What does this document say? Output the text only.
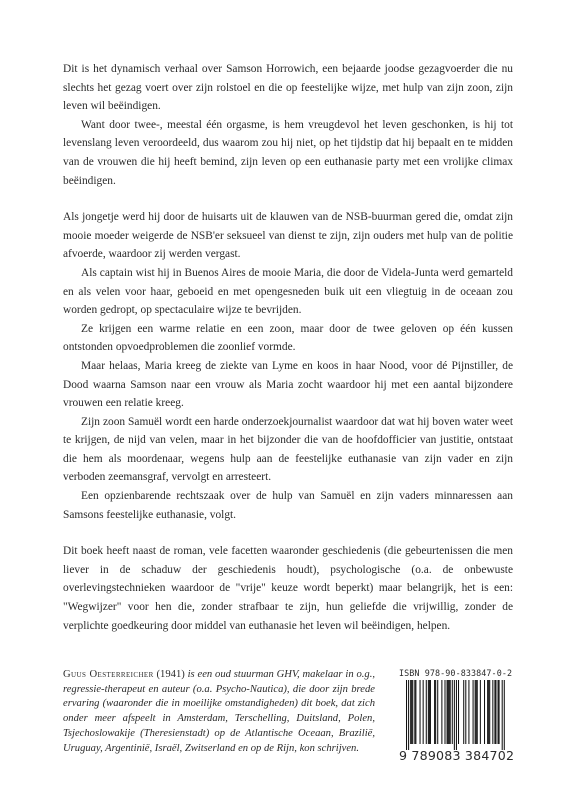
Dit is het dynamisch verhaal over Samson Horrowich, een bejaarde joodse gezagvoerder die nu slechts het gezag voert over zijn rolstoel en die op feestelijke wijze, met hulp van zijn zoon, zijn leven wil beëindigen.

Want door twee-, meestal één orgasme, is hem vreugdevol het leven geschonken, is hij tot levenslang leven veroordeeld, dus waarom zou hij niet, op het tijdstip dat hij bepaalt en te midden van de vrouwen die hij heeft bemind, zijn leven op een euthanasie party met een vrolijke climax beëindigen.

Als jongetje werd hij door de huisarts uit de klauwen van de NSB-buurman gered die, omdat zijn mooie moeder weigerde de NSB'er seksueel van dienst te zijn, zijn ouders met hulp van de politie afvoerde, waardoor zij werden vergast.

Als captain wist hij in Buenos Aires de mooie Maria, die door de Videla-Junta werd gemarteld en als velen voor haar, geboeid en met opengesneden buik uit een vliegtuig in de oceaan zou worden gedropt, op spectaculaire wijze te bevrijden.

Ze krijgen een warme relatie en een zoon, maar door de twee geloven op één kussen ontstonden opvoedproblemen die zoonlief vormde.

Maar helaas, Maria kreeg de ziekte van Lyme en koos in haar Nood, voor dé Pijnstiller, de Dood waarna Samson naar een vrouw als Maria zocht waardoor hij met een aantal bijzondere vrouwen een relatie kreeg.

Zijn zoon Samuël wordt een harde onderzoekjournalist waardoor dat wat hij boven water weet te krijgen, de nijd van velen, maar in het bijzonder die van de hoofdofficier van justitie, ontstaat die hem als moordenaar, wegens hulp aan de feestelijke euthanasie van zijn vader en zijn verboden zeemansgraf, vervolgt en arresteert.

Een opzienbarende rechtszaak over de hulp van Samuël en zijn vaders minnaressen aan Samsons feestelijke euthanasie, volgt.

Dit boek heeft naast de roman, vele facetten waaronder geschiedenis (die gebeurtenissen die men liever in de schaduw der geschiedenis houdt), psychologische (o.a. de onbewuste overlevingstechnieken waardoor de "vrije" keuze wordt beperkt) maar belangrijk, het is een: "Wegwijzer" voor hen die, zonder strafbaar te zijn, hun geliefde die vrijwillig, zonder de verplichte goedkeuring door middel van euthanasie het leven wil beëindigen, helpen.

Guus Oesterreicher (1941) is een oud stuurman GHV, makelaar in o.g., regressie-therapeut en auteur (o.a. Psycho-Nautica), die door zijn brede ervaring (waaronder die in moeilijke omstandigheden) dit boek, dat zich onder meer afspeelt in Amsterdam, Terschelling, Duitsland, Polen, Tsjechoslowakije (Theresienstadt) op de Atlantische Oceaan, Brazilië, Uruguay, Argentinië, Israël, Zwitserland en op de Rijn, kon schrijven.

ISBN 978-90-833847-0-2
9 789083 384702
